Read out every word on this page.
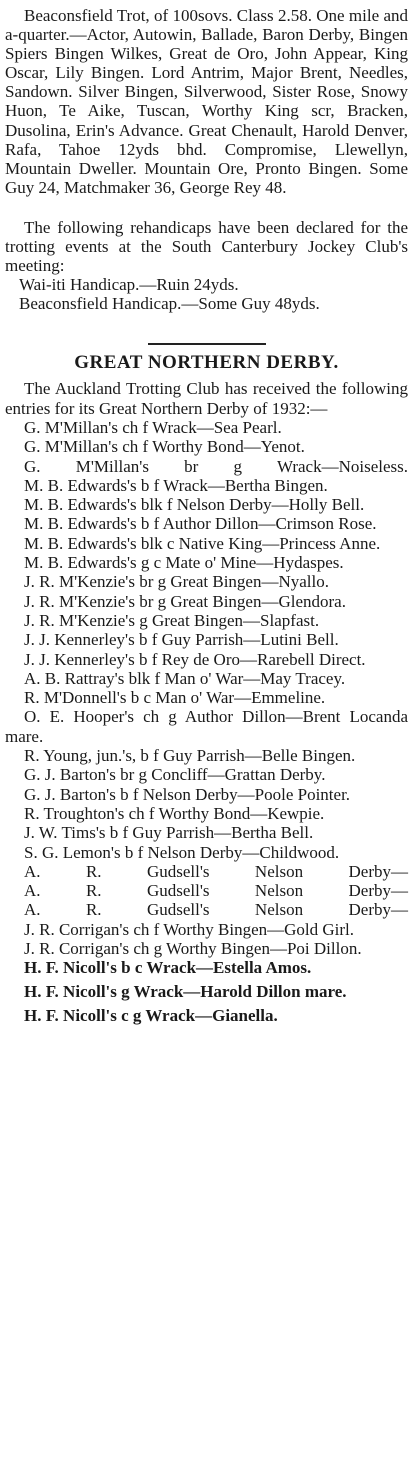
Beaconsfield Trot, of 100sovs. Class 2.58. One mile and a-quarter.—Actor, Autowin, Ballade, Baron Derby, Bingen Spiers Bingen Wilkes, Great de Oro, John Appear, King Oscar, Lily Bingen. Lord Antrim, Major Brent, Needles, Sandown. Silver Bingen, Silverwood, Sister Rose, Snowy Huon, Te Aike, Tuscan, Worthy King scr, Bracken, Dusolina, Erin's Advance. Great Chenault, Harold Denver, Rafa, Tahoe 12yds bhd. Compromise, Llewellyn, Mountain Dweller. Mountain Ore, Pronto Bingen. Some Guy 24, Matchmaker 36, George Rey 48.

The following rehandicaps have been declared for the trotting events at the South Canterbury Jockey Club's meeting:

Wai-iti Handicap.—Ruin 24yds.

Beaconsfield Handicap.—Some Guy 48yds.

GREAT NORTHERN DERBY.

The Auckland Trotting Club has received the following entries for its Great Northern Derby of 1932:—

G. M'Millan's ch f Wrack—Sea Pearl.

G. M'Millan's ch f Worthy Bond—Yenot.

G. M'Millan's br g Wrack—Noiseless.

M. B. Edwards's b f Wrack—Bertha Bingen.

M. B. Edwards's blk f Nelson Derby—Holly Bell.

M. B. Edwards's b f Author Dillon—Crimson Rose.

M. B. Edwards's blk c Native King—Princess Anne.

M. B. Edwards's g c Mate o' Mine—Hydaspes.

J. R. M'Kenzie's br g Great Bingen—Nyallo.

J. R. M'Kenzie's br g Great Bingen—Glendora.

J. R. M'Kenzie's g Great Bingen—Slapfast.

J. J. Kennerley's b f Guy Parrish—Lutini Bell.

J. J. Kennerley's b f Rey de Oro—Rarebell Direct.

A. B. Rattray's blk f Man o' War—May Tracey.

R. M'Donnell's b c Man o' War—Emmeline.

O. E. Hooper's ch g Author Dillon—Brent Locanda mare.

R. Young, jun.'s, b f Guy Parrish—Belle Bingen.

G. J. Barton's br g Concliff—Grattan Derby.

G. J. Barton's b f Nelson Derby—Poole Pointer.

R. Troughton's ch f Worthy Bond—Kewpie.

J. W. Tims's b f Guy Parrish—Bertha Bell.

S. G. Lemon's b f Nelson Derby—Childwood.

A. R. Gudsell's Nelson Derby—

A. R. Gudsell's Nelson Derby—

A. R. Gudsell's Nelson Derby—

J. R. Corrigan's ch f Worthy Bingen—Gold Girl.

J. R. Corrigan's ch g Worthy Bingen—Poi Dillon.

H. F. Nicoll's b c Wrack—Estella Amos.

H. F. Nicoll's g Wrack—Harold Dillon mare.

H. F. Nicoll's c g Wrack—Gianella.
